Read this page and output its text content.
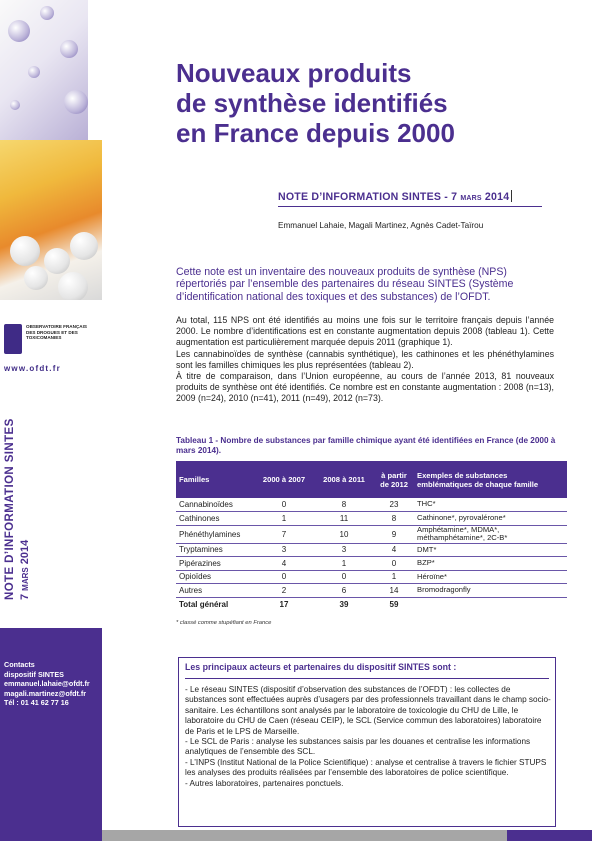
OBSERVATOIRE FRANÇAIS DES DROGUES ET DES TOXICOMANIES
www.ofdt.fr
NOTE D’INFORMATION SINTES 7 mars 2014
Contacts
dispositif SINTES
emmanuel.lahaie@ofdt.fr
magali.martinez@ofdt.fr
Tél : 01 41 62 77 16
Nouveaux produits
de synthèse identifiés
en France depuis 2000
NOTE D’INFORMATION SINTES - 7 mars 2014
Emmanuel Lahaie, Magali Martinez, Agnès Cadet-Taïrou
Cette note est un inventaire des nouveaux produits de synthèse (NPS) répertoriés par l’ensemble des partenaires du réseau SINTES (Système d’identification national des toxiques et des substances) de l’OFDT.

Au total, 115 NPS ont été identifiés au moins une fois sur le territoire français depuis l’année 2000. Le nombre d’identifications est en constante augmentation depuis 2008 (tableau 1). Cette augmentation est particulièrement marquée depuis 2011 (graphique 1).

Les cannabinoïdes de synthèse (cannabis synthétique), les cathinones et les phénéthylamines sont les familles chimiques les plus représentées (tableau 2).

À titre de comparaison, dans l’Union européenne, au cours de l’année 2013, 81 nouveaux produits de synthèse ont été identifiés. Ce nombre est en constante augmentation : 2008 (n=13), 2009 (n=24), 2010 (n=41), 2011 (n=49), 2012 (n=73).

Tableau 1 - Nombre de substances par famille chimique ayant été identifiées en France (de 2000 à mars 2014).
Familles	2000 à 2007	2008 à 2011	à partir de 2012	Exemples de substances emblématiques de chaque famille
Cannabinoïdes	0	8	23	THC*
Cathinones	1	11	8	Cathinone*, pyrovalérone*
Phénéthylamines	7	10	9	Amphétamine*, MDMA*, méthamphétamine*, 2C-B*
Tryptamines	3	3	4	DMT*
Pipérazines	4	1	0	BZP*
Opioïdes	0	0	1	Héroïne*
Autres	2	6	14	Bromodragonfly
Total général	17	39	59	
* classé comme stupéfiant en France
Les principaux acteurs et partenaires du dispositif SINTES sont :

- Le réseau SINTES (dispositif d’observation des substances de l’OFDT) : les collectes de substances sont effectuées auprès d’usagers par des professionnels travaillant dans le champ socio-sanitaire. Les échantillons sont analysés par le laboratoire de toxicologie du CHU de Lille, le laboratoire du CHU de Caen (réseau CEIP), le SCL (Service commun des laboratoires) laboratoire de Paris et le LPS de Marseille.

- Le SCL de Paris : analyse les substances saisis par les douanes et centralise les informations analytiques de l’ensemble des SCL.

- L’INPS (Institut National de la Police Scientifique) : analyse et centralise à travers le fichier STUPS les analyses des produits réalisées par l’ensemble des laboratoires de police scientifique.

- Autres laboratoires, partenaires ponctuels.
